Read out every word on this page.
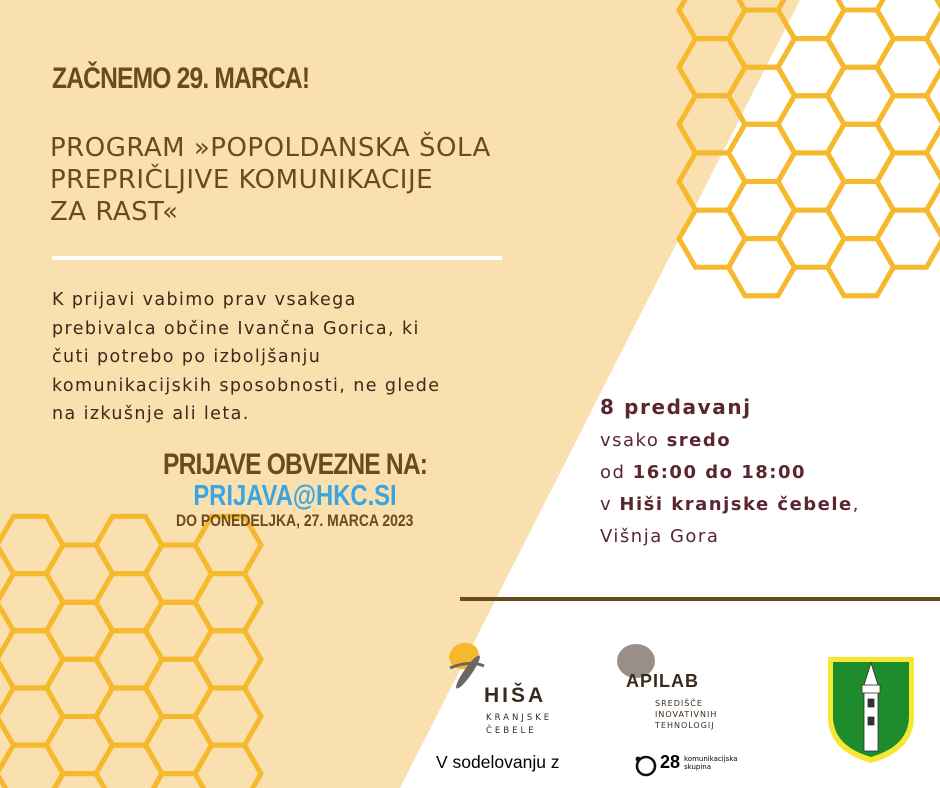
ZAČNEMO 29. MARCA!
PROGRAM »POPOLDANSKA ŠOLA
PREPRIČLJIVE KOMUNIKACIJE
ZA RAST«
K prijavi vabimo prav vsakega
prebivalca občine Ivančna Gorica, ki
čuti potrebo po izboljšanju
komunikacijskih sposobnosti, ne glede
na izkušnje ali leta.
PRIJAVE OBVEZNE NA:
PRIJAVA@HKC.SI
DO PONEDELJKA, 27. MARCA 2023
8 predavanj
vsako sredo
od 16:00 do 18:00
v Hiši kranjske čebele,
Višnja Gora
HIŠA
KRANJSKE
ČEBELE
APILAB
SREDIŠČE
INOVATIVNIH
TEHNOLOGIJ
V sodelovanju z	28 komunikacijska
skupina
